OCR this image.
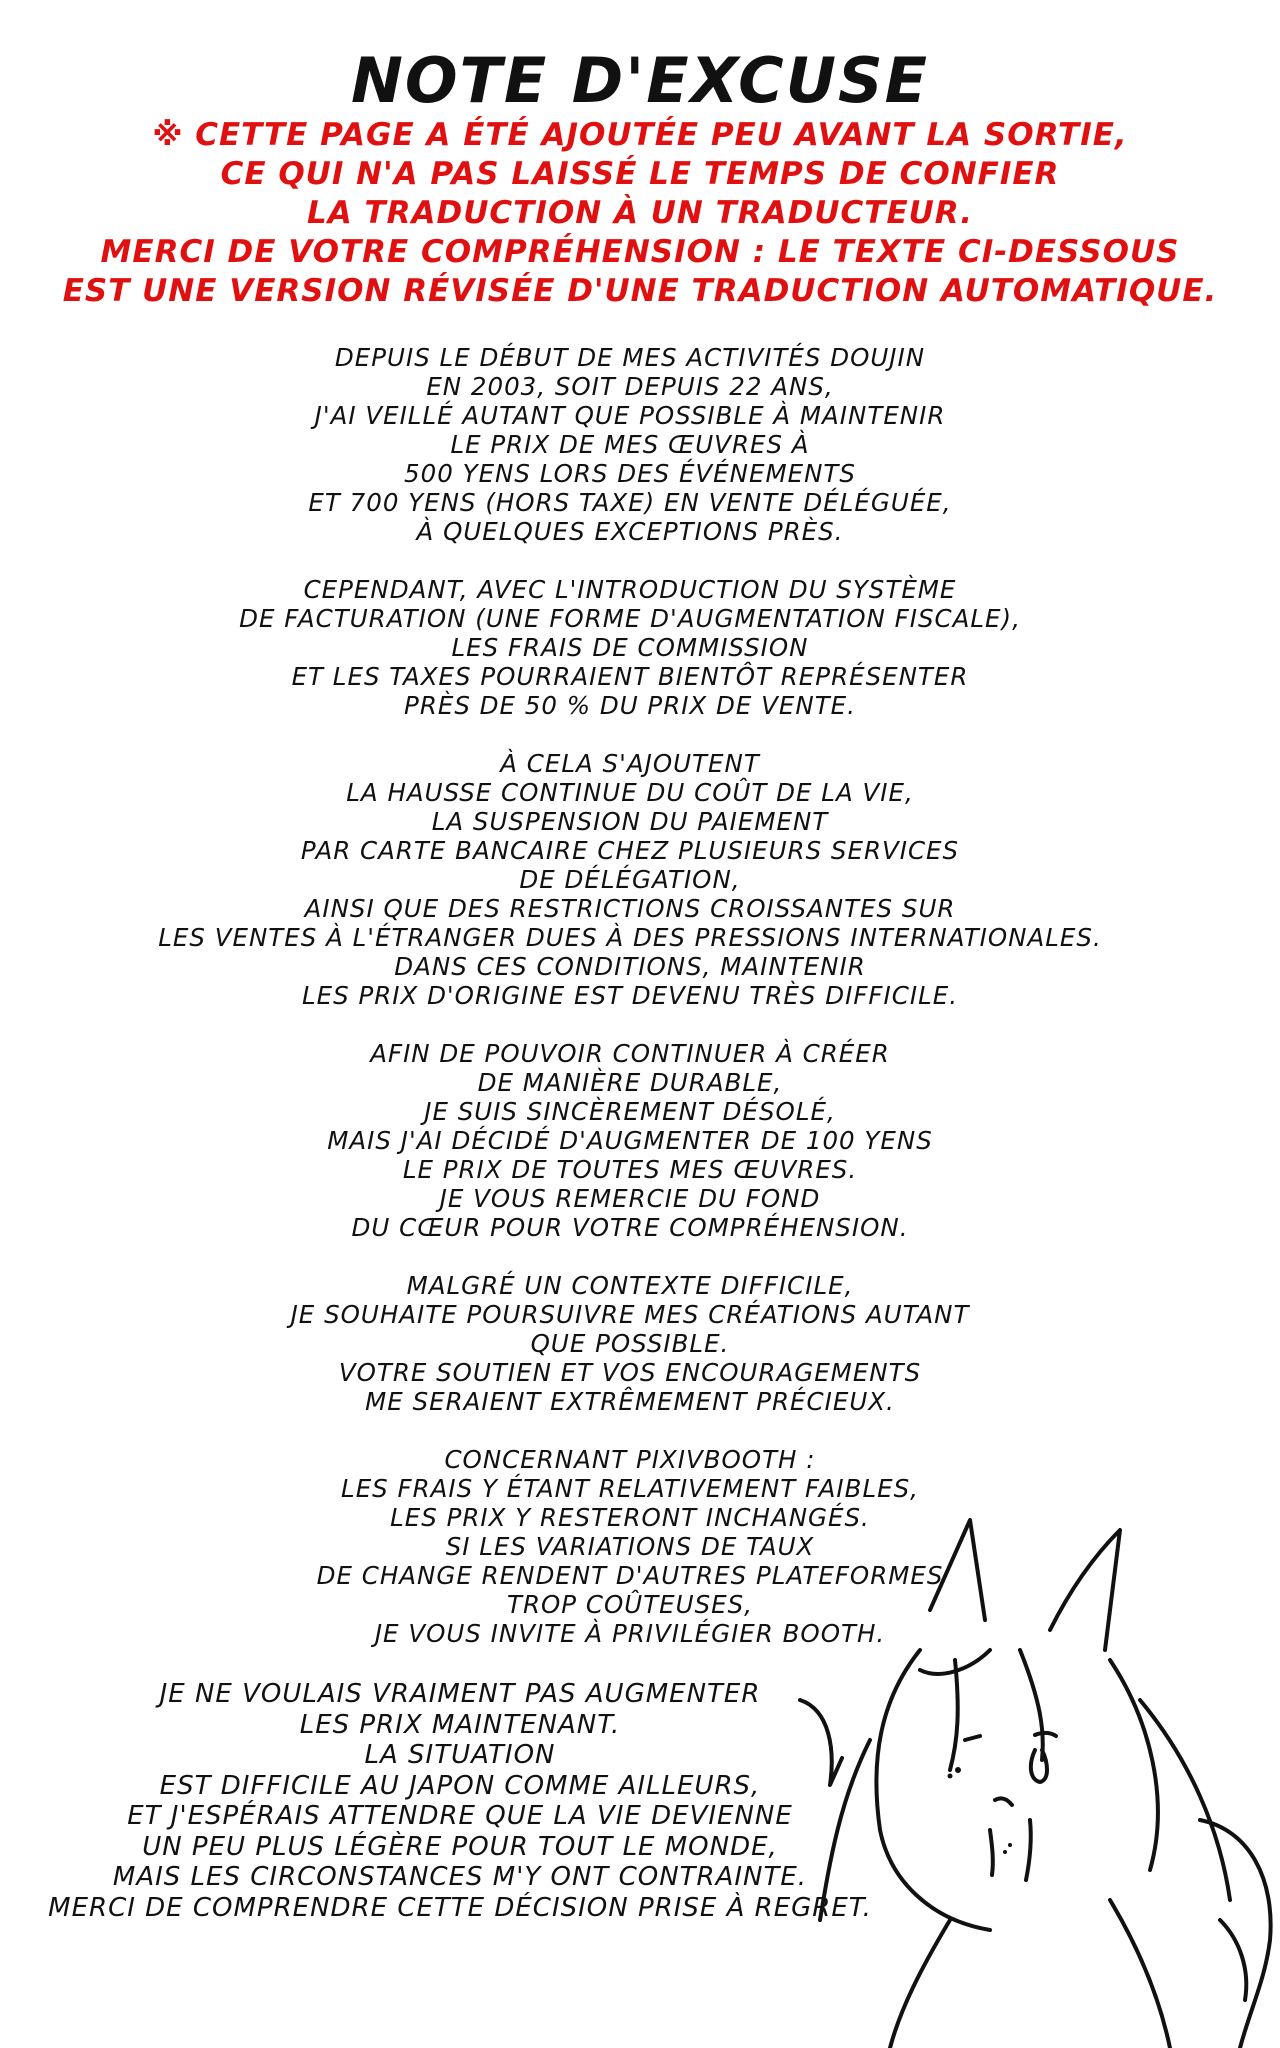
NOTE D'EXCUSE
※ CETTE PAGE A ÉTÉ AJOUTÉE PEU AVANT LA SORTIE,
CE QUI N'A PAS LAISSÉ LE TEMPS DE CONFIER
LA TRADUCTION À UN TRADUCTEUR.
MERCI DE VOTRE COMPRÉHENSION : LE TEXTE CI-DESSOUS
EST UNE VERSION RÉVISÉE D'UNE TRADUCTION AUTOMATIQUE.
DEPUIS LE DÉBUT DE MES ACTIVITÉS DOUJIN
EN 2003, SOIT DEPUIS 22 ANS,
J'AI VEILLÉ AUTANT QUE POSSIBLE À MAINTENIR
LE PRIX DE MES ŒUVRES À
500 YENS LORS DES ÉVÉNEMENTS
ET 700 YENS (HORS TAXE) EN VENTE DÉLÉGUÉE,
À QUELQUES EXCEPTIONS PRÈS.
CEPENDANT, AVEC L'INTRODUCTION DU SYSTÈME
DE FACTURATION (UNE FORME D'AUGMENTATION FISCALE),
LES FRAIS DE COMMISSION
ET LES TAXES POURRAIENT BIENTÔT REPRÉSENTER
PRÈS DE 50 % DU PRIX DE VENTE.
À CELA S'AJOUTENT
LA HAUSSE CONTINUE DU COÛT DE LA VIE,
LA SUSPENSION DU PAIEMENT
PAR CARTE BANCAIRE CHEZ PLUSIEURS SERVICES
DE DÉLÉGATION,
AINSI QUE DES RESTRICTIONS CROISSANTES SUR
LES VENTES À L'ÉTRANGER DUES À DES PRESSIONS INTERNATIONALES.
DANS CES CONDITIONS, MAINTENIR
LES PRIX D'ORIGINE EST DEVENU TRÈS DIFFICILE.
AFIN DE POUVOIR CONTINUER À CRÉER
DE MANIÈRE DURABLE,
JE SUIS SINCÈREMENT DÉSOLÉ,
MAIS J'AI DÉCIDÉ D'AUGMENTER DE 100 YENS
LE PRIX DE TOUTES MES ŒUVRES.
JE VOUS REMERCIE DU FOND
DU CŒUR POUR VOTRE COMPRÉHENSION.
MALGRÉ UN CONTEXTE DIFFICILE,
JE SOUHAITE POURSUIVRE MES CRÉATIONS AUTANT
QUE POSSIBLE.
VOTRE SOUTIEN ET VOS ENCOURAGEMENTS
ME SERAIENT EXTRÊMEMENT PRÉCIEUX.
CONCERNANT PIXIVBOOTH :
LES FRAIS Y ÉTANT RELATIVEMENT FAIBLES,
LES PRIX Y RESTERONT INCHANGÉS.
SI LES VARIATIONS DE TAUX
DE CHANGE RENDENT D'AUTRES PLATEFORMES
TROP COÛTEUSES,
JE VOUS INVITE À PRIVILÉGIER BOOTH.
JE NE VOULAIS VRAIMENT PAS AUGMENTER
LES PRIX MAINTENANT.
LA SITUATION
EST DIFFICILE AU JAPON COMME AILLEURS,
ET J'ESPÉRAIS ATTENDRE QUE LA VIE DEVIENNE
UN PEU PLUS LÉGÈRE POUR TOUT LE MONDE,
MAIS LES CIRCONSTANCES M'Y ONT CONTRAINTE.
MERCI DE COMPRENDRE CETTE DÉCISION PRISE À REGRET.
